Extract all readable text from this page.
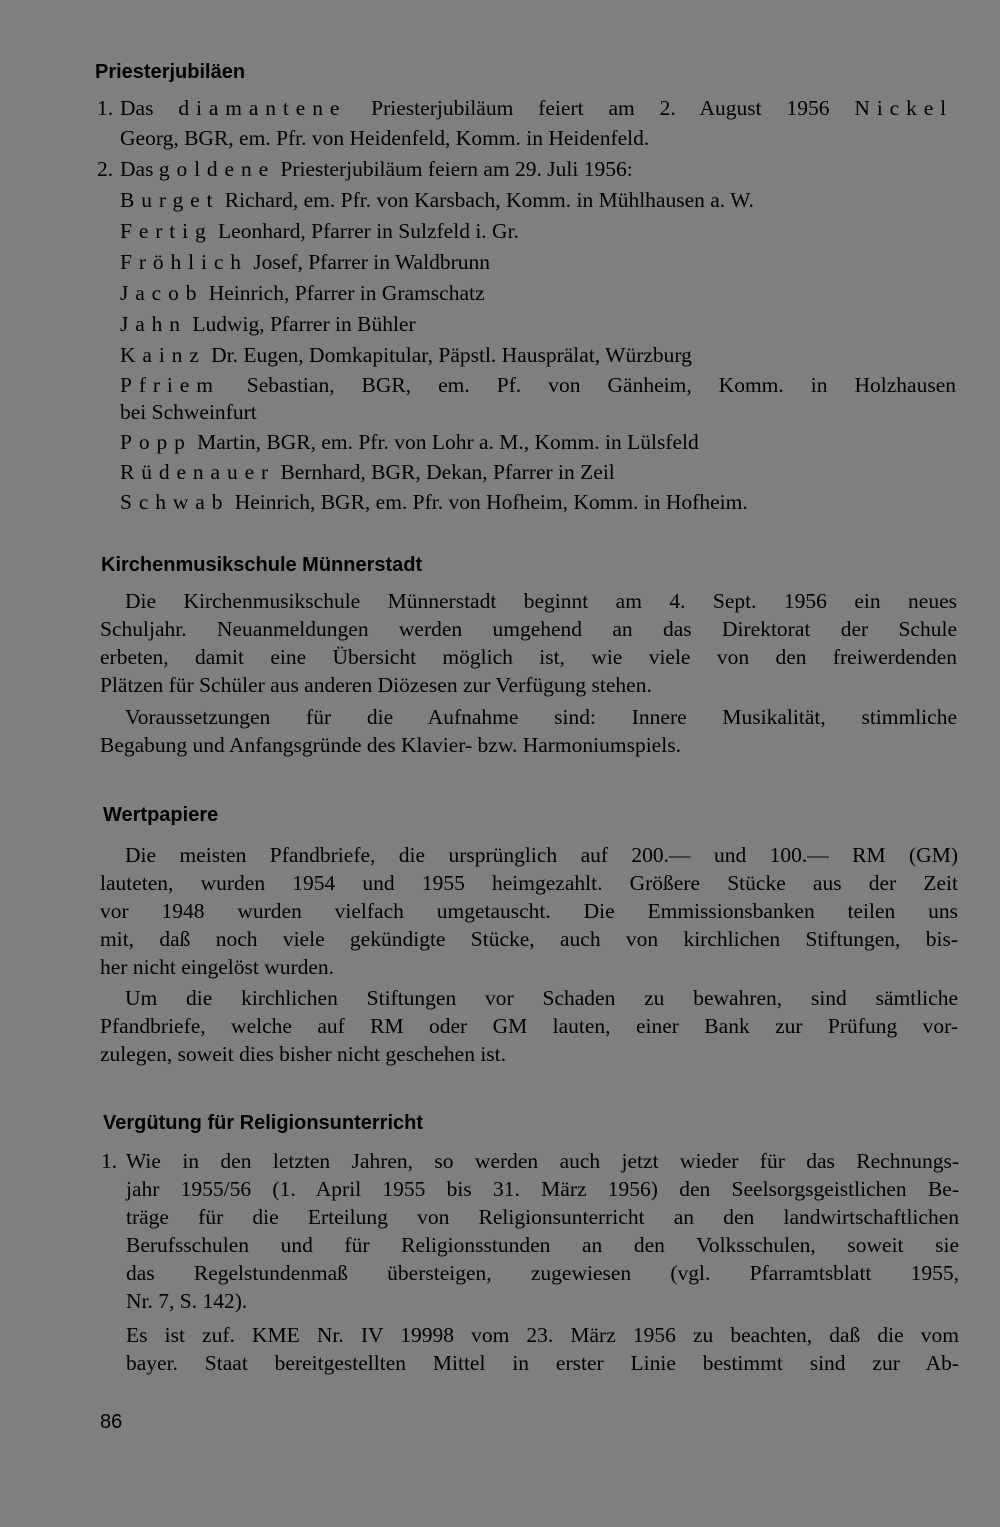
Priesterjubiläen
1. Das diamantene Priesterjubiläum feiert am 2. August 1956 Nickel

Georg, BGR, em. Pfr. von Heidenfeld, Komm. in Heidenfeld.

2. Das goldene Priesterjubiläum feiern am 29. Juli 1956:

Burget Richard, em. Pfr. von Karsbach, Komm. in Mühlhausen a. W.

Fertig Leonhard, Pfarrer in Sulzfeld i. Gr.

Fröhlich Josef, Pfarrer in Waldbrunn

Jacob Heinrich, Pfarrer in Gramschatz

Jahn Ludwig, Pfarrer in Bühler

Kainz Dr. Eugen, Domkapitular, Päpstl. Hausprälat, Würzburg

Pfriem Sebastian, BGR, em. Pf. von Gänheim, Komm. in Holzhausen

bei Schweinfurt

Popp Martin, BGR, em. Pfr. von Lohr a. M., Komm. in Lülsfeld

Rüdenauer Bernhard, BGR, Dekan, Pfarrer in Zeil

Schwab Heinrich, BGR, em. Pfr. von Hofheim, Komm. in Hofheim.

Kirchenmusikschule Münnerstadt

Die Kirchenmusikschule Münnerstadt beginnt am 4. Sept. 1956 ein neues

Schuljahr. Neuanmeldungen werden umgehend an das Direktorat der Schule

erbeten, damit eine Übersicht möglich ist, wie viele von den freiwerdenden

Plätzen für Schüler aus anderen Diözesen zur Verfügung stehen.

Voraussetzungen für die Aufnahme sind: Innere Musikalität, stimmliche

Begabung und Anfangsgründe des Klavier- bzw. Harmoniumspiels.

Wertpapiere

Die meisten Pfandbriefe, die ursprünglich auf 200.— und 100.— RM (GM)

lauteten, wurden 1954 und 1955 heimgezahlt. Größere Stücke aus der Zeit

vor 1948 wurden vielfach umgetauscht. Die Emmissionsbanken teilen uns

mit, daß noch viele gekündigte Stücke, auch von kirchlichen Stiftungen, bis-

her nicht eingelöst wurden.

Um die kirchlichen Stiftungen vor Schaden zu bewahren, sind sämtliche

Pfandbriefe, welche auf RM oder GM lauten, einer Bank zur Prüfung vor-

zulegen, soweit dies bisher nicht geschehen ist.

Vergütung für Religionsunterricht
1. Wie in den letzten Jahren, so werden auch jetzt wieder für das Rechnungs-

jahr 1955/56 (1. April 1955 bis 31. März 1956) den Seelsorgsgeistlichen Be-

träge für die Erteilung von Religionsunterricht an den landwirtschaftlichen

Berufsschulen und für Religionsstunden an den Volksschulen, soweit sie

das Regelstundenmaß übersteigen, zugewiesen (vgl. Pfarramtsblatt 1955,

Nr. 7, S. 142).

Es ist zuf. KME Nr. IV 19998 vom 23. März 1956 zu beachten, daß die vom

bayer. Staat bereitgestellten Mittel in erster Linie bestimmt sind zur Ab-

86
